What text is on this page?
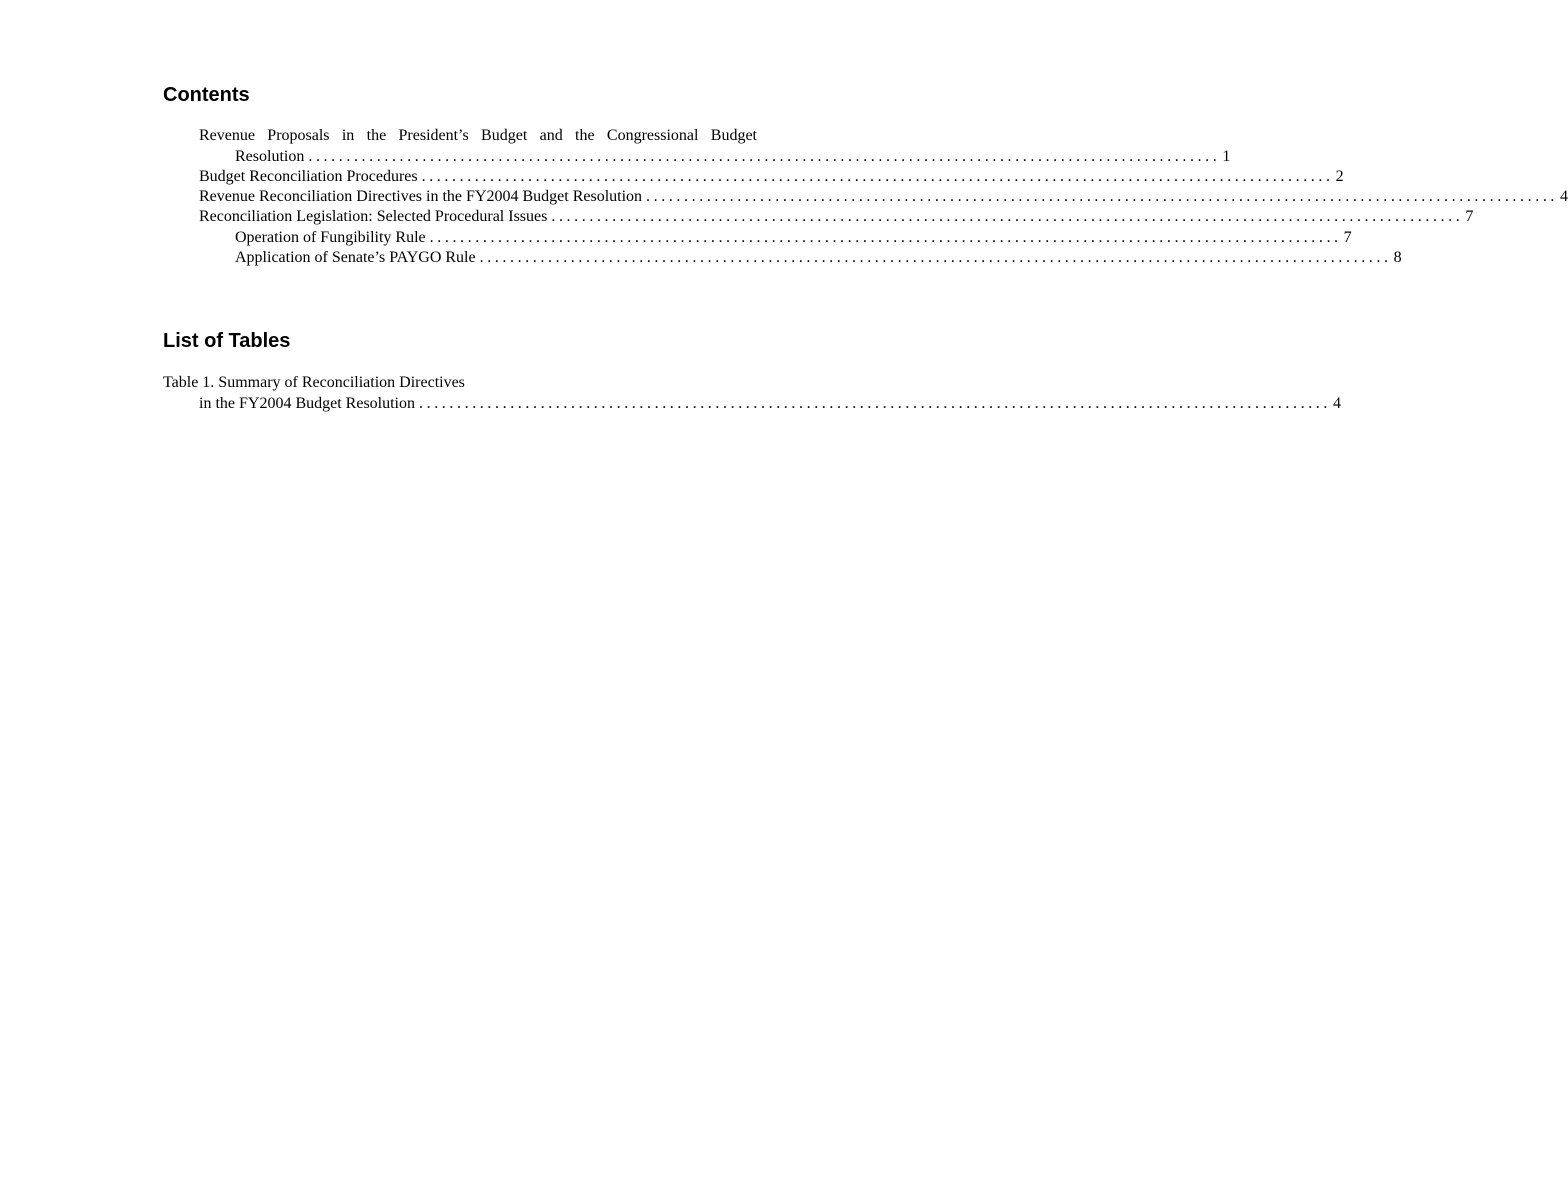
Contents
Revenue Proposals in the President’s Budget and the Congressional Budget
Resolution ........................................................................................................................ 1
Budget Reconciliation Procedures ........................................................................................................................ 2
Revenue Reconciliation Directives in the FY2004 Budget Resolution ........................................................................................................................ 4
Reconciliation Legislation: Selected Procedural Issues ........................................................................................................................ 7
Operation of Fungibility Rule ........................................................................................................................ 7
Application of Senate’s PAYGO Rule ........................................................................................................................ 8
List of Tables
Table 1. Summary of Reconciliation Directives
in the FY2004 Budget Resolution ........................................................................................................................ 4
